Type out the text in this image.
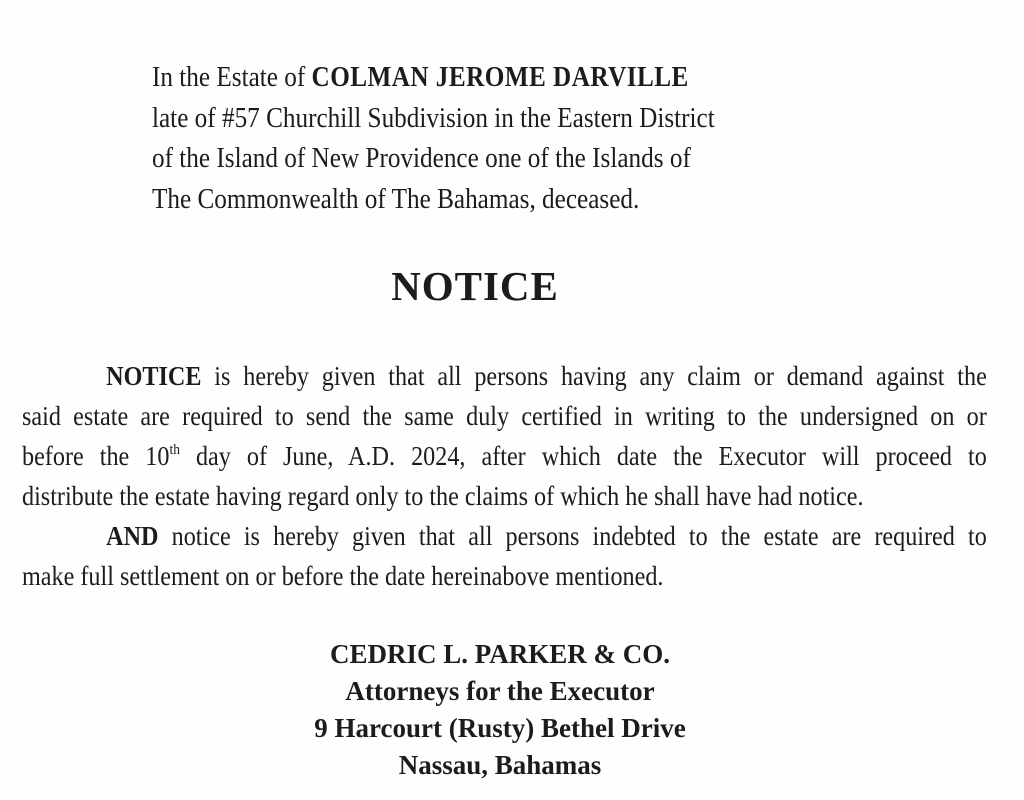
In the Estate of COLMAN JEROME DARVILLE
late of #57 Churchill Subdivision in the Eastern District
of the Island of New Providence one of the Islands of
The Commonwealth of The Bahamas, deceased.
NOTICE
NOTICE is hereby given that all persons having any claim or demand against the
said estate are required to send the same duly certified in writing to the undersigned on or
before the 10th day of June, A.D. 2024, after which date the Executor will proceed to
distribute the estate having regard only to the claims of which he shall have had notice.
AND notice is hereby given that all persons indebted to the estate are required to
make full settlement on or before the date hereinabove mentioned.
CEDRIC L. PARKER & CO.
Attorneys for the Executor
9 Harcourt (Rusty) Bethel Drive
Nassau, Bahamas
